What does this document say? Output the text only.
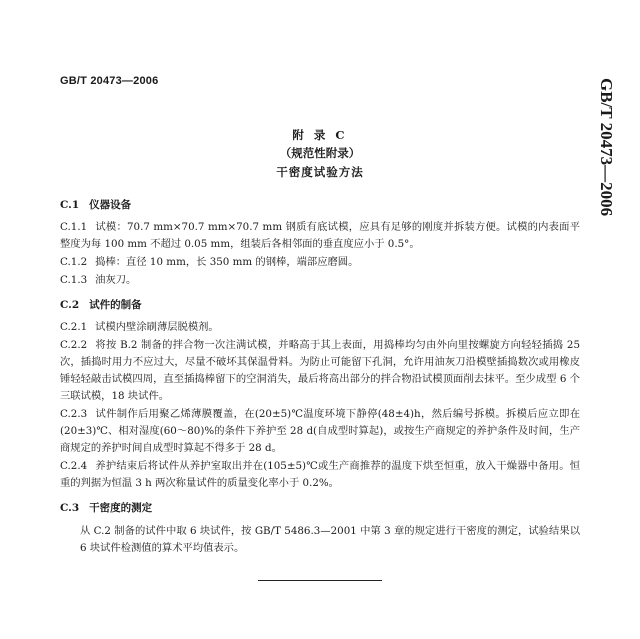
GB/T 20473—2006	GB/T 20473—2006
附 录 C
（规范性附录）
干密度试验方法
C.1 仪器设备
C.1.1 试模：70.7 mm×70.7 mm×70.7 mm 钢质有底试模，应具有足够的刚度并拆装方便。试模的内表面平整度为每 100 mm 不超过 0.05 mm，组装后各相邻面的垂直度应小于 0.5°。
C.1.2 捣棒：直径 10 mm，长 350 mm 的钢棒，端部应磨圆。
C.1.3 油灰刀。
C.2 试件的制备
C.2.1 试模内壁涂刷薄层脱模剂。
C.2.2 将按 B.2 制备的拌合物一次注满试模，并略高于其上表面，用捣棒均匀由外向里按螺旋方向轻轻插捣 25 次，插捣时用力不应过大，尽量不破坏其保温骨料。为防止可能留下孔洞，允许用油灰刀沿模壁插捣数次或用橡皮锤轻轻敲击试模四周，直至插捣棒留下的空洞消失，最后将高出部分的拌合物沿试模顶面削去抹平。至少成型 6 个三联试模，18 块试件。
C.2.3 试件制作后用聚乙烯薄膜覆盖，在(20±5)℃温度环境下静停(48±4)h，然后编号拆模。拆模后应立即在(20±3)℃、相对湿度(60～80)%的条件下养护至 28 d(自成型时算起)，或按生产商规定的养护条件及时间，生产商规定的养护时间自成型时算起不得多于 28 d。
C.2.4 养护结束后将试件从养护室取出并在(105±5)℃或生产商推荐的温度下烘至恒重，放入干燥器中备用。恒重的判据为恒温 3 h 两次称量试件的质量变化率小于 0.2%。
C.3 干密度的测定
从 C.2 制备的试件中取 6 块试件，按 GB/T 5486.3—2001 中第 3 章的规定进行干密度的测定，试验结果以 6 块试件检测值的算术平均值表示。
